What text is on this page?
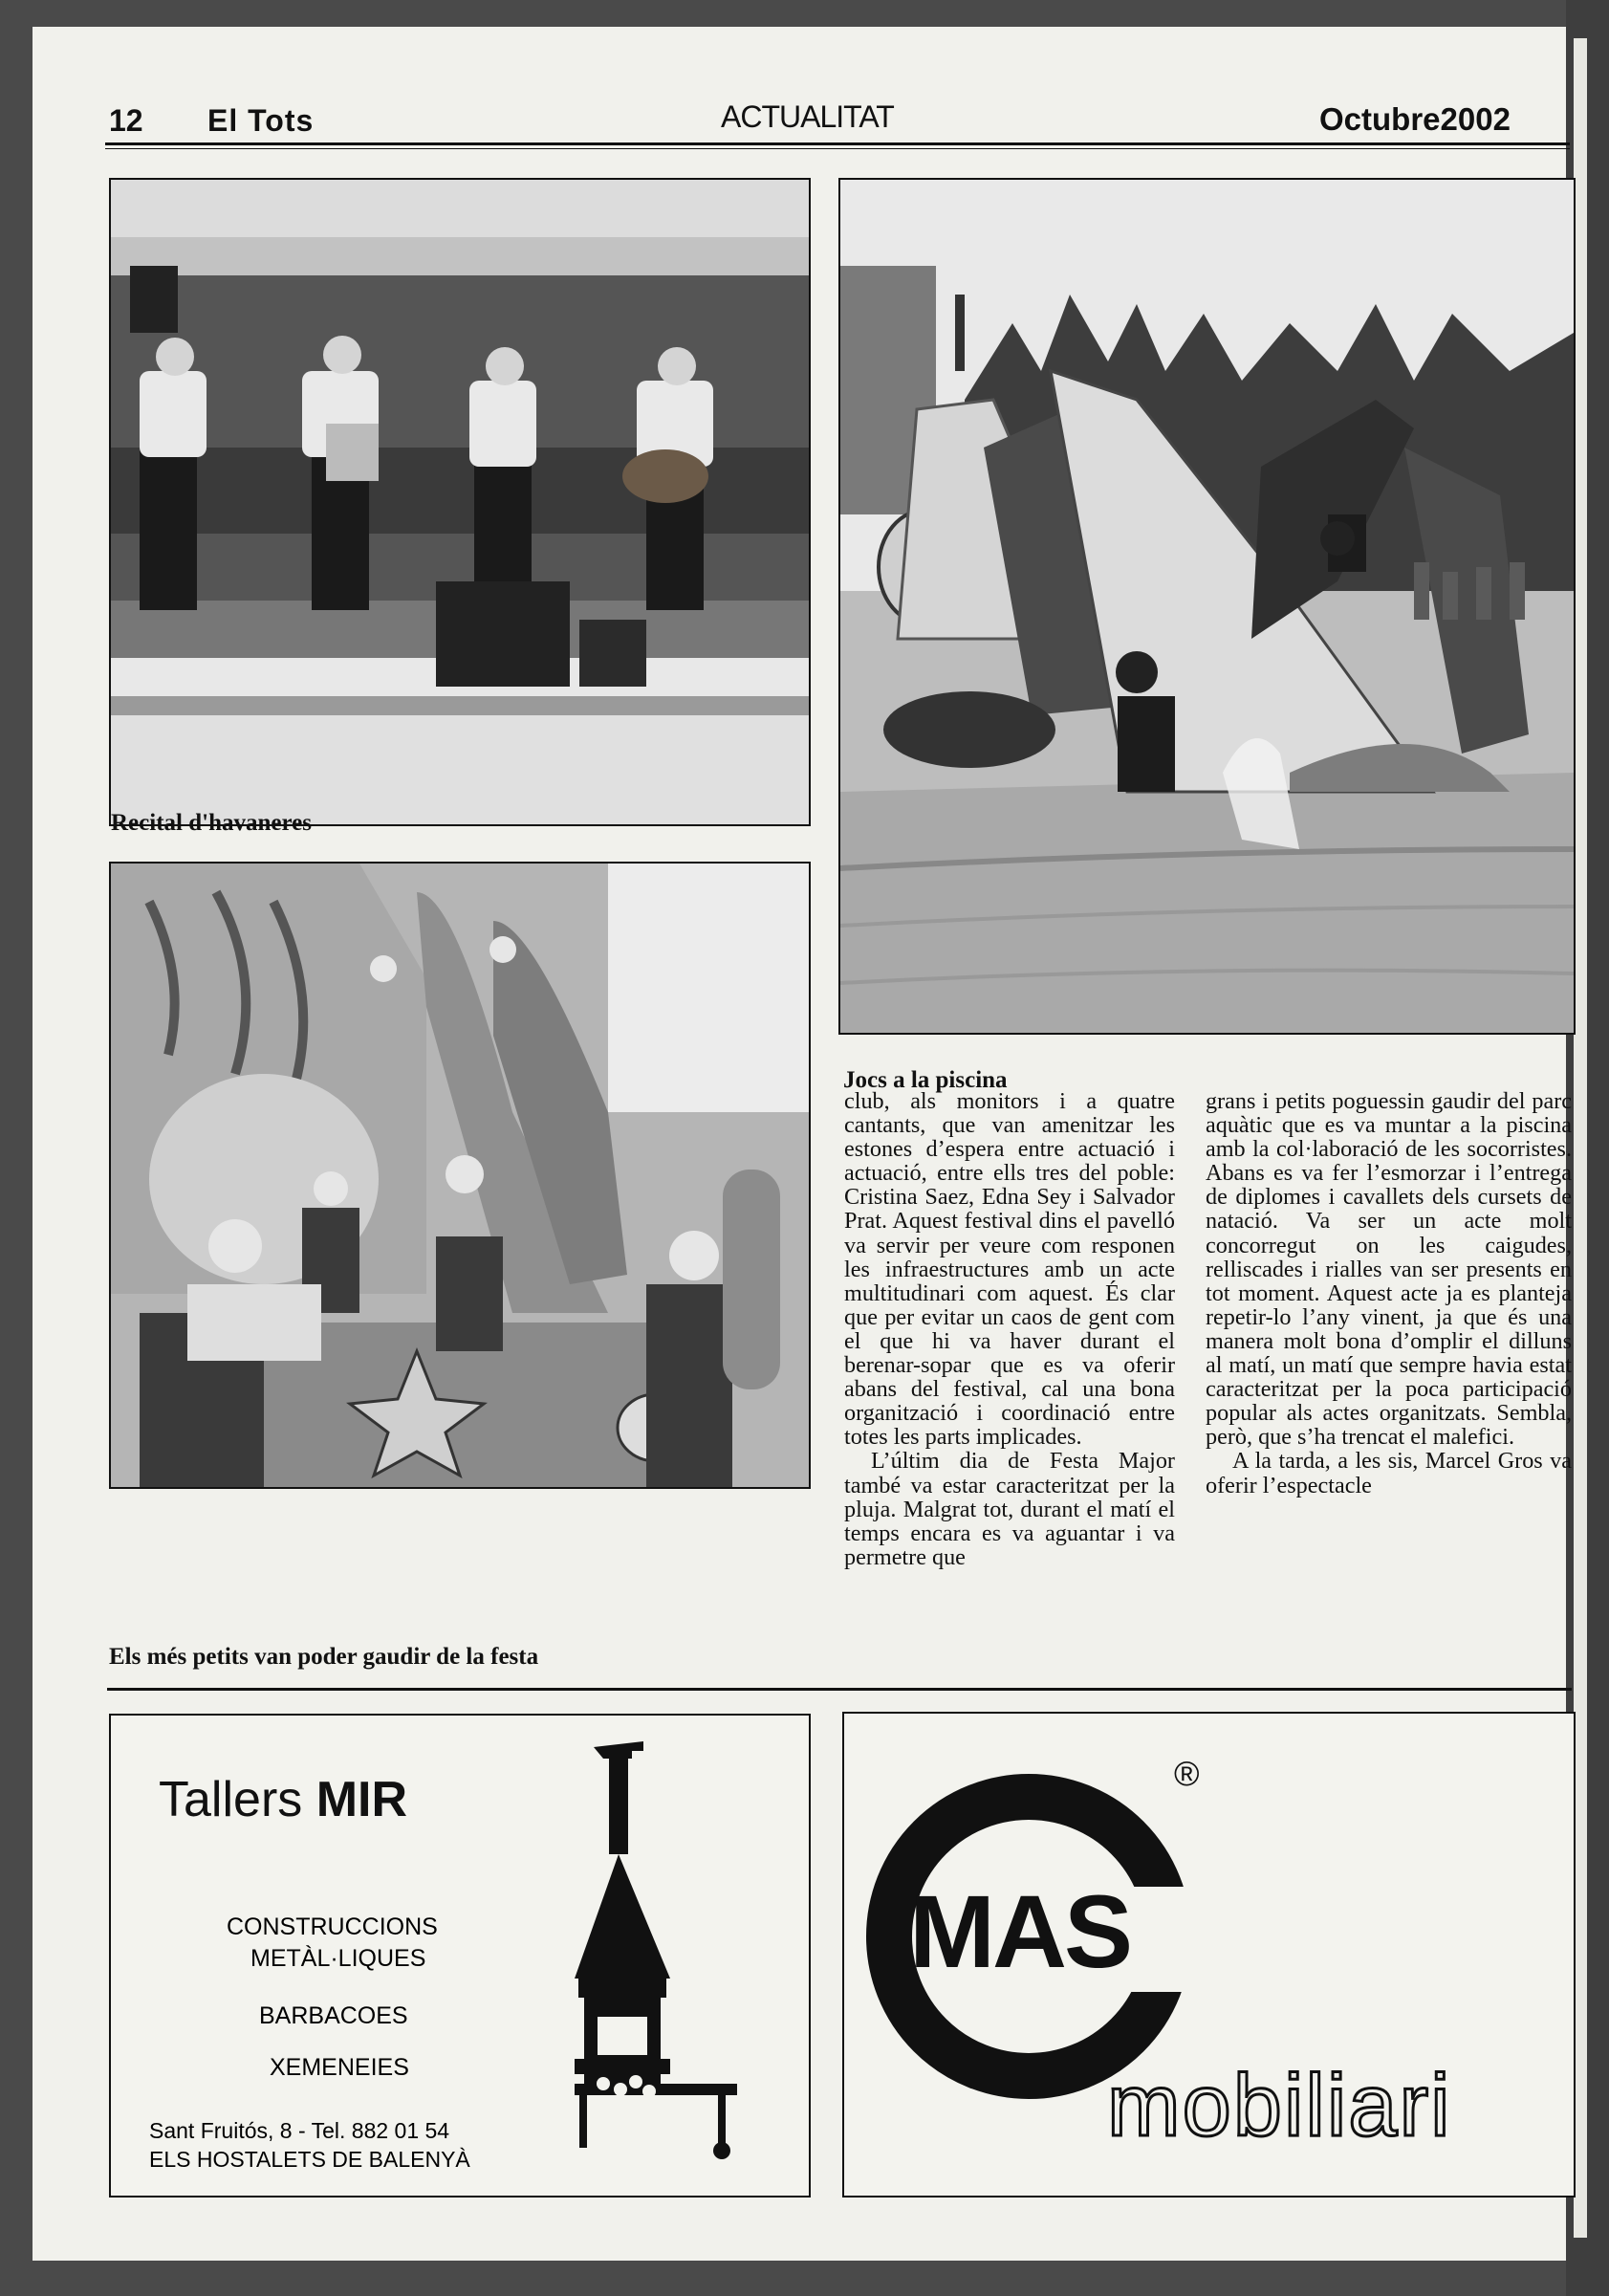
12 El Tots	ACTUALITAT	Octubre2002
Recital d'havaneres
Els més petits van poder gaudir de la festa
Jocs a la piscina

club, als monitors i a quatre cantants, que van amenitzar les estones d’espera entre actuació i actuació, entre ells tres del poble: Cristina Saez, Edna Sey i Salvador Prat. Aquest festival dins el pavelló va servir per veure com responen les infraestructures amb un acte multitudinari com aquest. És clar que per evitar un caos de gent com el que hi va haver durant el berenar-sopar que es va oferir abans del festival, cal una bona organització i coordinació entre totes les parts implicades.

L’últim dia de Festa Major també va estar caracteritzat per la pluja. Malgrat tot, durant el matí el temps encara es va aguantar i va permetre que

grans i petits poguessin gaudir del parc aquàtic que es va muntar a la piscina amb la col·laboració de les socorristes. Abans es va fer l’esmorzar i l’entrega de diplomes i cavallets dels cursets de natació. Va ser un acte molt concorregut on les caigudes, relliscades i rialles van ser presents en tot moment. Aquest acte ja es planteja repetir-lo l’any vinent, ja que és una manera molt bona d’omplir el dilluns al matí, un matí que sempre havia estat caracteritzat per la poca participació popular als actes organitzats. Sembla, però, que s’ha trencat el malefici.

A la tarda, a les sis, Marcel Gros va oferir l’espectacle

Tallers MIR
CONSTRUCCIONS
METÀL·LIQUES
BARBACOES
XEMENEIES
Sant Fruitós, 8 - Tel. 882 01 54
ELS HOSTALETS DE BALENYÀ
MAS
®
mobiliari
